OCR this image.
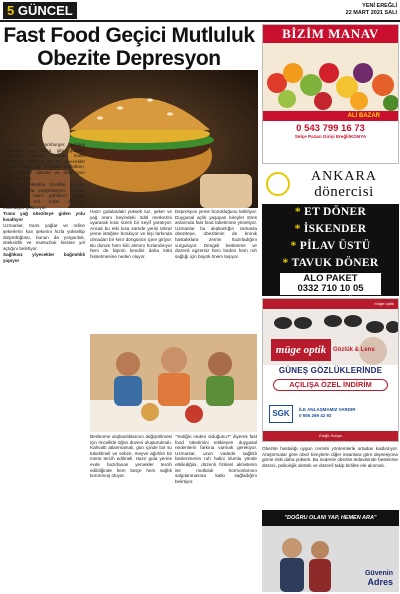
5 GÜNCEL	YENİ EREĞLİ
22 MART 2021 SALI
Fast Food Geçici Mutluluk
Obezite Depresyon

Pek çok insan hamburger, patates kızartması ve pizza gibi gıdaları tüketmeyi zaman kendini mutlu hissettiğini belirtse de bu yiyecekler aslında geçici bir mutluluk sağlarken, uzun vadede obezite ve depresyon riskini artırıyor.

Fast food tüketimi özellikle gençler arasında hızla yaygınlaşıyor. Yapılan araştırmalar hazır gıdaların yoğun tüketiminin ruh halini olumsuz etkilediğini gösteriyor.

Trans yağ obeziteye giden yolu kısaltıyor

Uzmanlar, trans yağlar ve rafine şekerlerin kan şekerini hızla yükseltip düşürdüğünü, bunun da yorgunluk, isteksizlik ve mutsuzluk hissine yol açtığını belirtiyor.

Sağlıksız yiyecekler bağımlılık yapıyor

Hazır gıdalardaki yüksek tuz, şeker ve yağ oranı beyindeki ödül merkezini uyararak kısa süreli bir keyif yaratıyor. Ancak bu etki kısa sürede yerini tekrar yeme isteğine bırakıyor ve kişi farkında olmadan bir kısır döngünün içine giriyor. Bu durum hem kilo alımını hızlandırıyor hem de kişinin kendini daha kötü hissetmesine neden oluyor.

Depresyon yeme bozukluğunu tetikliyor. Duygusal açlık yaşayan bireyler stres anlarında fast food tüketimine yöneliyor. Uzmanlar bu alışkanlığın zamanla obeziteye, obezitenin de kronik hastalıklara zemin hazırladığını vurguluyor. Dengeli beslenme ve düzenli egzersiz hem beden hem ruh sağlığı için büyük önem taşıyor.

Beslenme alışkanlıklarının değiştirilmesi için öncelikle öğün düzeni oluşturulmalı. Kahvaltı atlanmamalı, gün içinde bol su tüketilmeli ve sebze, meyve ağırlıklı bir menü tercih edilmeli. Hazır gıda yerine evde hazırlanan yemekler tercih edildiğinde hem bütçe hem sağlık korunmuş oluyor.

"Yediğin neden olduğunu?" diyerek fast food tüketimini tetikleyen duygusal nedenlerin farkına varmak gerekiyor. Uzmanlar, uzun vadede sağlıklı beslenmenin ruh halini olumlu yönde etkilediğini, düzenli fiziksel aktivitenin ise mutluluk hormonlarının salgılanmasına katkı sağladığını belirtiyor.

Obezite hastalığı uygun cerrahi yöntemlerle ortadan kaldırılıyor. Araştırmalar göre obez bireylerin diğer insanlara göre depresyona girme riski daha yüksek. Bu nedenle obezite tedavisinde beslenme düzeni, psikolojik destek ve düzenli takip birlikte ele alınmalı.

BİZİM MANAV
ALİ BAZAR
0 543 799 16 73
Selçe Pazarı Girişi Ereğli/KONYA
ANKARA
dönercisi
* ET DÖNER
* İSKENDER
* PİLAV ÜSTÜ
* TAVUK DÖNER
ALO PAKET
0332 710 10 05
müge optik
müge optik	Gözlük & Lens
GÜNEŞ GÖZLÜKLERİNDE
AÇILIŞA ÖZEL İNDİRİM
SGK	İLE ANLAŞMAMIZ VARDIR
0 555 269 42 92
Ereğli, Konya
"DOĞRU OLANI YAP, HEMEN ARA"
Güvenin
Adres
